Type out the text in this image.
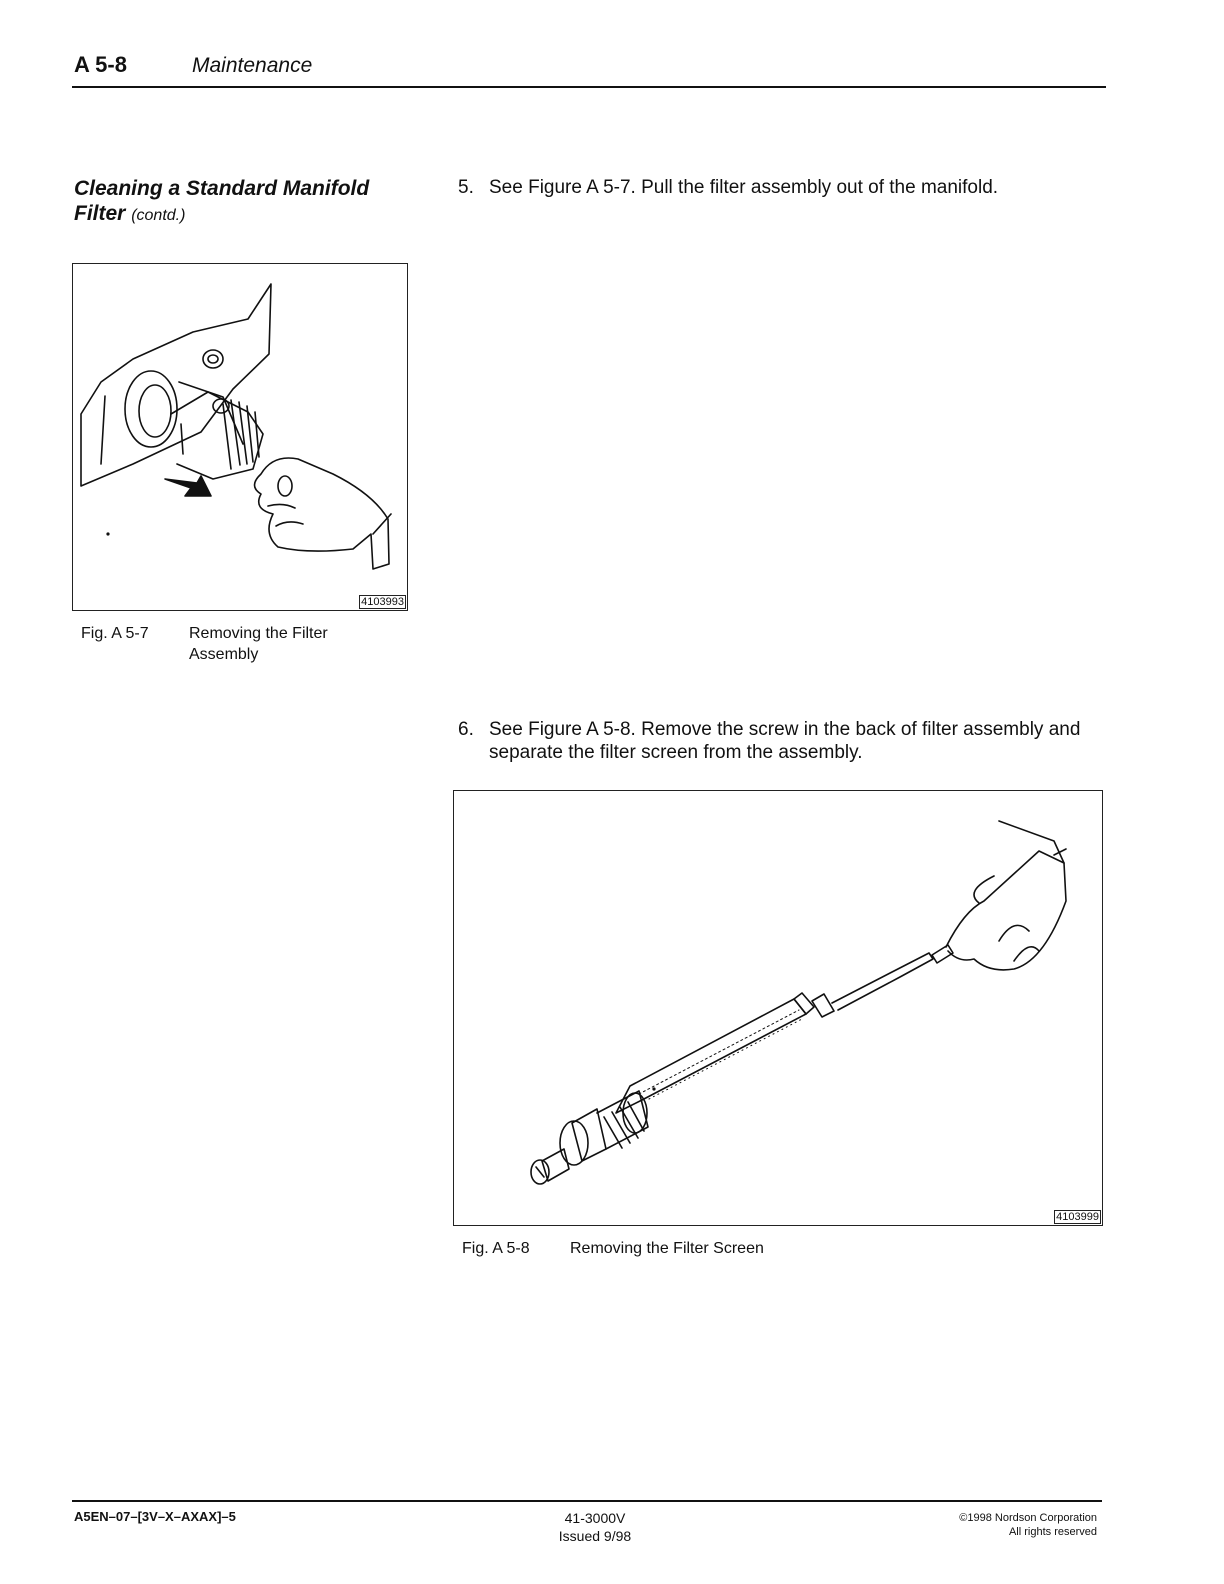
A 5-8	Maintenance
Cleaning a Standard Manifold Filter (contd.)
5. See Figure A 5-7. Pull the filter assembly out of the manifold.
4103993
Fig. A 5-7	Removing the Filter Assembly
6. See Figure A 5-8. Remove the screw in the back of filter assembly and separate the filter screen from the assembly.
4103999
Fig. A 5-8	Removing the Filter Screen
A5EN–07–[3V–X–AXAX]–5	41-3000V
Issued 9/98
©1998 Nordson Corporation
All rights reserved
